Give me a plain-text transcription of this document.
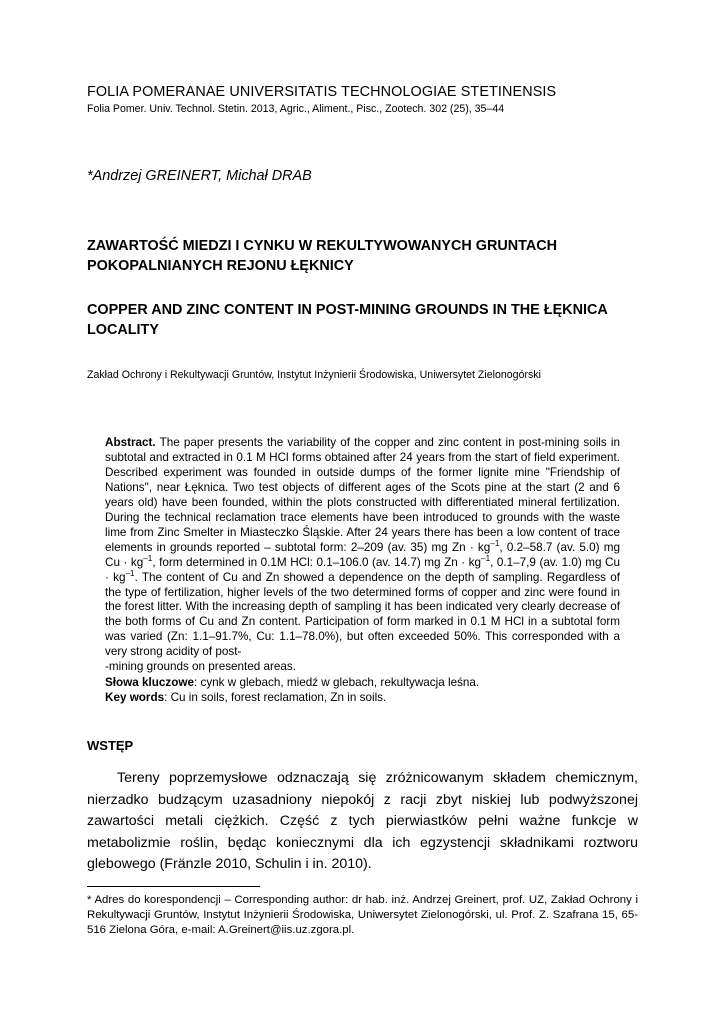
FOLIA POMERANAE UNIVERSITATIS TECHNOLOGIAE STETINENSIS
Folia Pomer. Univ. Technol. Stetin. 2013, Agric., Aliment., Pisc., Zootech. 302 (25), 35–44
*Andrzej GREINERT, Michał DRAB
ZAWARTOŚĆ MIEDZI I CYNKU W REKULTYWOWANYCH GRUNTACH POKOPALNIANYCH REJONU ŁĘKNICY
COPPER AND ZINC CONTENT IN POST-MINING GROUNDS IN THE ŁĘKNICA LOCALITY
Zakład Ochrony i Rekultywacji Gruntów, Instytut Inżynierii Środowiska, Uniwersytet Zielonogórski
Abstract. The paper presents the variability of the copper and zinc content in post-mining soils in subtotal and extracted in 0.1 M HCl forms obtained after 24 years from the start of field experiment. Described experiment was founded in outside dumps of the former lignite mine "Friendship of Nations", near Łęknica. Two test objects of different ages of the Scots pine at the start (2 and 6 years old) have been founded, within the plots constructed with differentiated mineral fertilization. During the technical reclamation trace elements have been introduced to grounds with the waste lime from Zinc Smelter in Miasteczko Śląskie. After 24 years there has been a low content of trace elements in grounds reported – subtotal form: 2–209 (av. 35) mg $Zn \cdot kg^{-1}$, 0.2–58.7 (av. 5.0) mg $Cu \cdot kg^{-1}$, form determined in 0.1M HCl: 0.1–106.0 (av. 14.7) mg $Zn \cdot kg^{-1}$, 0.1–7,9 (av. 1.0) mg $Cu \cdot kg^{-1}$. The content of Cu and Zn showed a dependence on the depth of sampling. Regardless of the type of fertilization, higher levels of the two determined forms of copper and zinc were found in the forest litter. With the increasing depth of sampling it has been indicated very clearly decrease of the both forms of Cu and Zn content. Participation of form marked in 0.1 M HCl in a subtotal form was varied (Zn: 1.1–91.7%, Cu: 1.1–78.0%), but often exceeded 50%. This corresponded with a very strong acidity of post-
-mining grounds on presented areas.
Słowa kluczowe: cynk w glebach, miedź w glebach, rekultywacja leśna.
Key words: Cu in soils, forest reclamation, Zn in soils.
WSTĘP
Tereny poprzemysłowe odznaczają się zróżnicowanym składem chemicznym, nierzadko budzącym uzasadniony niepokój z racji zbyt niskiej lub podwyższonej zawartości metali ciężkich. Część z tych pierwiastków pełni ważne funkcje w metabolizmie roślin, będąc koniecznymi dla ich egzystencji składnikami roztworu glebowego (Fränzle 2010, Schulin i in. 2010).
* Adres do korespondencji – Corresponding author: dr hab. inż. Andrzej Greinert, prof. UZ, Zakład Ochrony i Rekultywacji Gruntów, Instytut Inżynierii Środowiska, Uniwersytet Zielonogórski, ul. Prof. Z. Szafrana 15, 65-516 Zielona Góra, e-mail: A.Greinert@iis.uz.zgora.pl.
